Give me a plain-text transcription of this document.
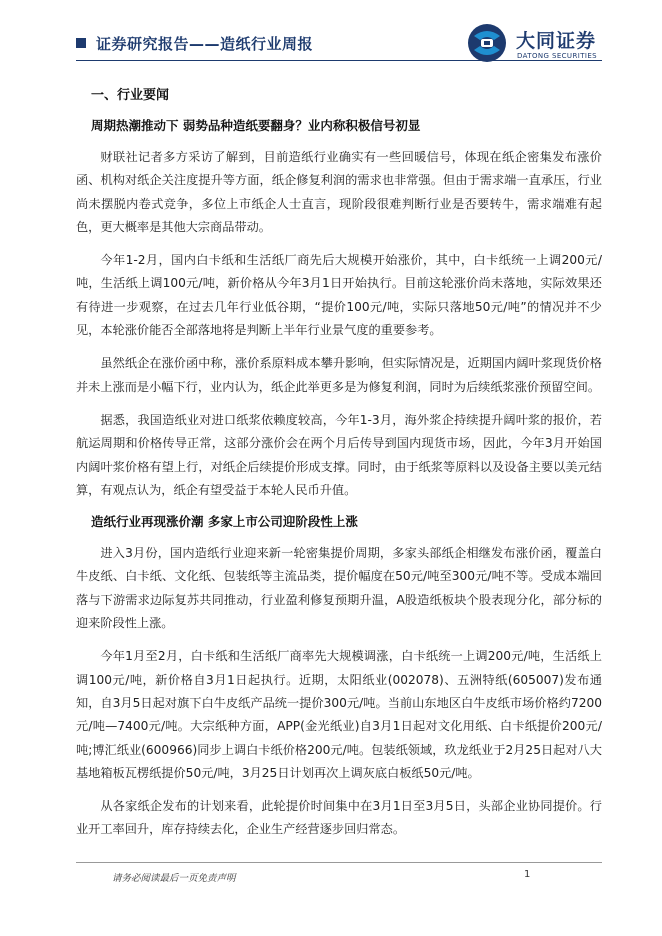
证券研究报告——造纸行业周报	大同证券
DATONG SECURITIES
一、行业要闻
周期热潮推动下 弱势品种造纸要翻身？业内称积极信号初显

财联社记者多方采访了解到，目前造纸行业确实有一些回暖信号，体现在纸企密集发布涨价函、机构对纸企关注度提升等方面，纸企修复利润的需求也非常强。但由于需求端一直承压，行业尚未摆脱内卷式竞争，多位上市纸企人士直言，现阶段很难判断行业是否要转牛，需求端难有起色，更大概率是其他大宗商品带动。

今年1-2月，国内白卡纸和生活纸厂商先后大规模开始涨价，其中，白卡纸统一上调200元/吨，生活纸上调100元/吨，新价格从今年3月1日开始执行。目前这轮涨价尚未落地，实际效果还有待进一步观察，在过去几年行业低谷期，“提价100元/吨，实际只落地50元/吨”的情况并不少见，本轮涨价能否全部落地将是判断上半年行业景气度的重要参考。

虽然纸企在涨价函中称，涨价系原料成本攀升影响，但实际情况是，近期国内阔叶浆现货价格并未上涨而是小幅下行，业内认为，纸企此举更多是为修复利润，同时为后续纸浆涨价预留空间。

据悉，我国造纸业对进口纸浆依赖度较高，今年1-3月，海外浆企持续提升阔叶浆的报价，若航运周期和价格传导正常，这部分涨价会在两个月后传导到国内现货市场，因此，今年3月开始国内阔叶浆价格有望上行，对纸企后续提价形成支撑。同时，由于纸浆等原料以及设备主要以美元结算，有观点认为，纸企有望受益于本轮人民币升值。

造纸行业再现涨价潮 多家上市公司迎阶段性上涨

进入3月份，国内造纸行业迎来新一轮密集提价周期，多家头部纸企相继发布涨价函，覆盖白牛皮纸、白卡纸、文化纸、包装纸等主流品类，提价幅度在50元/吨至300元/吨不等。受成本端回落与下游需求边际复苏共同推动，行业盈利修复预期升温，A股造纸板块个股表现分化，部分标的迎来阶段性上涨。

今年1月至2月，白卡纸和生活纸厂商率先大规模调涨，白卡纸统一上调200元/吨，生活纸上调100元/吨，新价格自3月1日起执行。近期，太阳纸业(002078)、五洲特纸(605007)发布通知，自3月5日起对旗下白牛皮纸产品统一提价300元/吨。当前山东地区白牛皮纸市场价格约7200元/吨—7400元/吨。大宗纸种方面，APP(金光纸业)自3月1日起对文化用纸、白卡纸提价200元/吨;博汇纸业(600966)同步上调白卡纸价格200元/吨。包装纸领域，玖龙纸业于2月25日起对八大基地箱板瓦楞纸提价50元/吨，3月25日计划再次上调灰底白板纸50元/吨。

从各家纸企发布的计划来看，此轮提价时间集中在3月1日至3月5日，头部企业协同提价。行业开工率回升，库存持续去化，企业生产经营逐步回归常态。

请务必阅读最后一页免责声明	1
